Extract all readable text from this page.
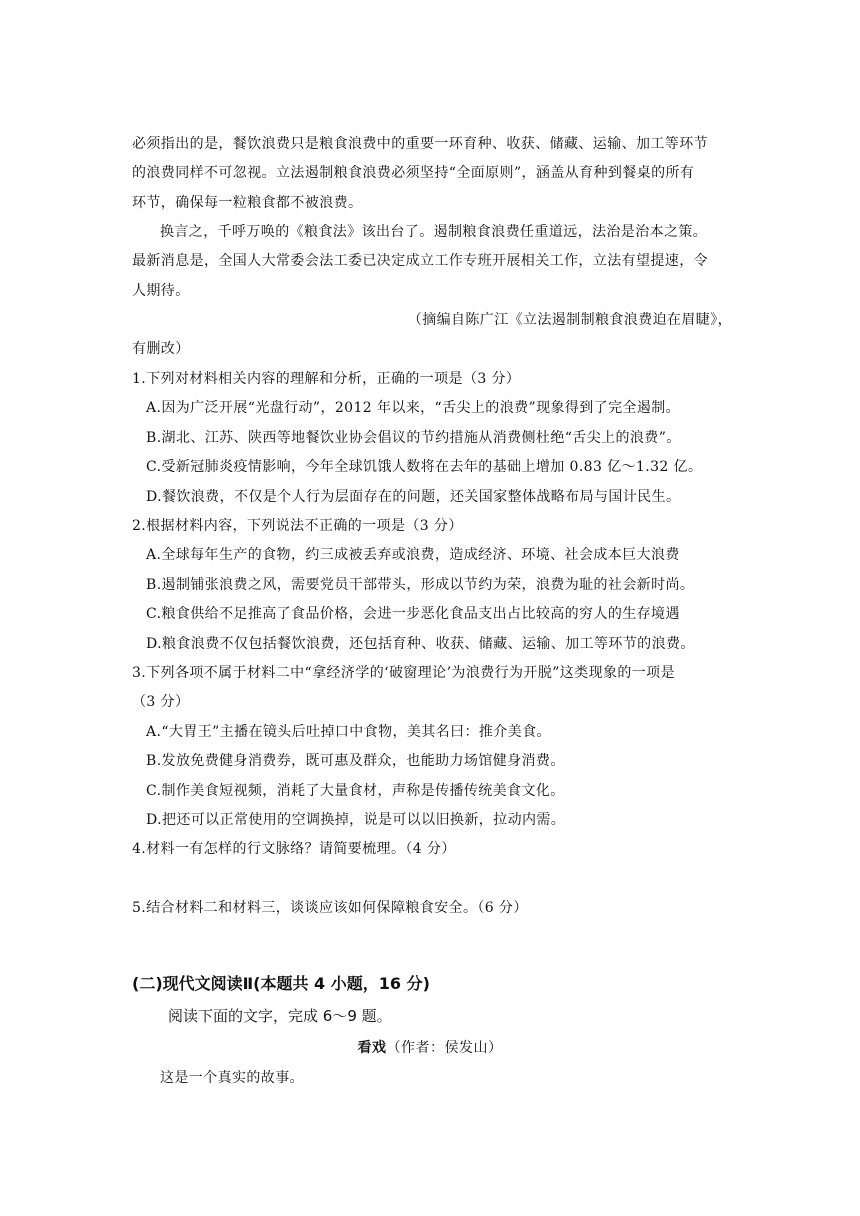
必须指出的是，餐饮浪费只是粮食浪费中的重要一环育种、收获、储藏、运输、加工等环节
的浪费同样不可忽视。立法遏制粮食浪费必须坚持“全面原则”，涵盖从育种到餐桌的所有
环节，确保每一粒粮食都不被浪费。
换言之，千呼万唤的《粮食法》该出台了。遏制粮食浪费任重道远，法治是治本之策。
最新消息是，全国人大常委会法工委已决定成立工作专班开展相关工作，立法有望提速，令
人期待。
（摘编自陈广江《立法遏制制粮食浪费迫在眉睫》，
有删改）
1.下列对材料相关内容的理解和分析，正确的一项是（3 分）
A.因为广泛开展“光盘行动”，2012 年以来，“舌尖上的浪费”现象得到了完全遏制。
B.湖北、江苏、陕西等地餐饮业协会倡议的节约措施从消费侧杜绝“舌尖上的浪费”。
C.受新冠肺炎疫情影响，今年全球饥饿人数将在去年的基础上增加 0.83 亿～1.32 亿。
D.餐饮浪费，不仅是个人行为层面存在的问题，还关国家整体战略布局与国计民生。
2.根据材料内容，下列说法不正确的一项是（3 分）
A.全球每年生产的食物，约三成被丢弃或浪费，造成经济、环境、社会成本巨大浪费
B.遏制铺张浪费之风，需要党员干部带头，形成以节约为荣，浪费为耻的社会新时尚。
C.粮食供给不足推高了食品价格，会进一步恶化食品支出占比较高的穷人的生存境遇
D.粮食浪费不仅包括餐饮浪费，还包括育种、收获、储藏、运输、加工等环节的浪费。
3.下列各项不属于材料二中“拿经济学的‘破窗理论’为浪费行为开脱”这类现象的一项是
（3 分）
A.“大胃王”主播在镜头后吐掉口中食物，美其名曰：推介美食。
B.发放免费健身消费券，既可惠及群众，也能助力场馆健身消费。
C.制作美食短视频，消耗了大量食材，声称是传播传统美食文化。
D.把还可以正常使用的空调换掉，说是可以以旧换新，拉动内需。
4.材料一有怎样的行文脉络？请简要梳理。（4 分）
5.结合材料二和材料三，谈谈应该如何保障粮食安全。（6 分）
(二)现代文阅读Ⅱ(本题共 4 小题，16 分)
阅读下面的文字，完成 6～9 题。
看戏（作者：侯发山）
这是一个真实的故事。
